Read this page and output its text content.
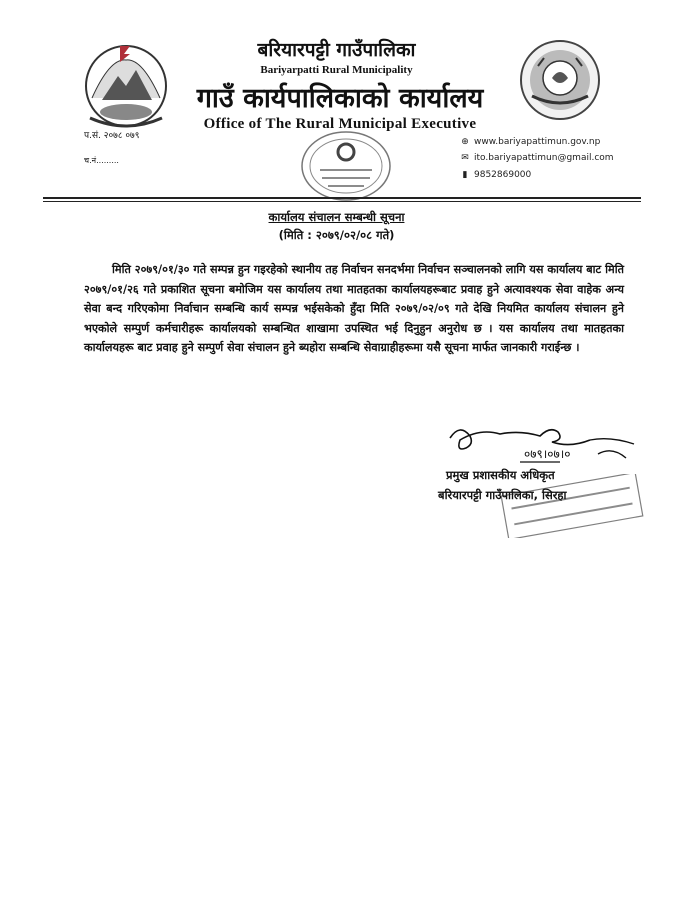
बरियारपट्टी गाउँपालिका
Bariyarpatti Rural Municipality
गाउँ कार्यपालिकाको कार्यालय
Office of The Rural Municipal Executive
प.सं. २०७८ ०७९
च.नं.........
⊕ www.bariyapattimun.gov.np
✉ ito.bariyapattimun@gmail.com
▮ 9852869000
कार्यालय संचालन सम्बन्धी सूचना
(मिति : २०७९/०२/०८ गते)
मिति २०७९/०१/३० गते सम्पन्न हुन गइरहेको स्थानीय तह निर्वाचन सनदर्भमा निर्वाचन सञ्चालनको लागि यस कार्यालय बाट मिति २०७९/०१/२६ गते प्रकाशित सूचना बमोजिम यस कार्यालय तथा मातहतका कार्यालयहरूबाट प्रवाह हुने अत्यावश्यक सेवा वाहेक अन्य सेवा बन्द गरिएकोमा निर्वाचान सम्बन्धि कार्य सम्पन्न भईसकेको हुँदा मिति २०७९/०२/०९ गते देखि नियमित कार्यालय संचालन हुने भएकोले सम्पुर्ण कर्मचारीहरू कार्यालयको सम्बन्धित शाखामा उपस्थित भई दिनुहुन अनुरोध छ । यस कार्यालय तथा मातहतका कार्यालयहरू बाट प्रवाह हुने सम्पुर्ण सेवा संचालन हुने ब्यहोरा सम्बन्धि सेवाग्राहीहरूमा यसै सूचना मार्फत जानकारी गराईन्छ ।
०७९।०७।०
प्रमुख प्रशासकीय अधिकृत
बरियारपट्टी गाउँपालिका, सिरहा
